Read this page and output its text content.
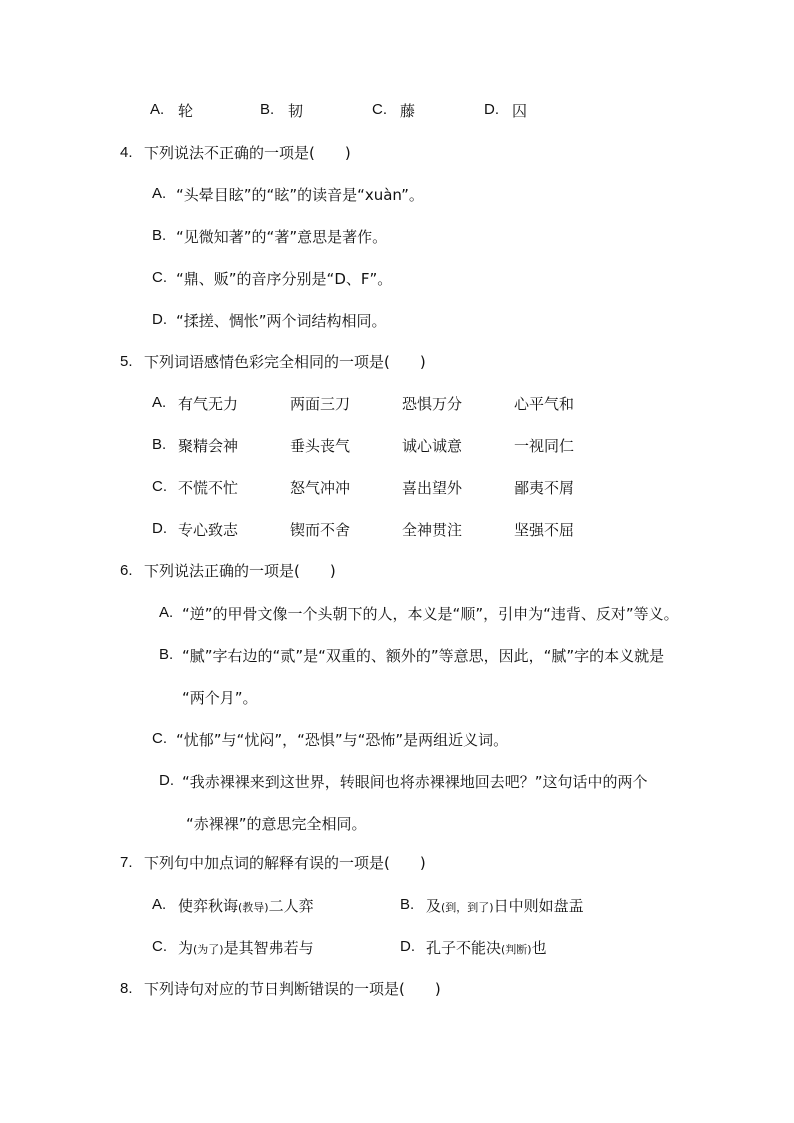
A. 轮	B. 韧	C. 藤	D. 囚
4. 下列说法不正确的一项是(　　)
A. “头晕目眩”的“眩”的读音是“xuàn”。
B. “见微知著”的“著”意思是著作。
C. “鼎、贩”的音序分别是“D、F”。
D. “揉搓、惆怅”两个词结构相同。
5. 下列词语感情色彩完全相同的一项是(　　)
A. 有气无力	两面三刀	恐惧万分	心平气和
B. 聚精会神	垂头丧气	诚心诚意	一视同仁
C. 不慌不忙	怒气冲冲	喜出望外	鄙夷不屑
D. 专心致志	锲而不舍	全神贯注	坚强不屈
6. 下列说法正确的一项是(　　)
A. “逆”的甲骨文像一个头朝下的人，本义是“顺”，引申为“违背、反对”等义。
B. “腻”字右边的“贰”是“双重的、额外的”等意思，因此，“腻”字的本义就是
“两个月”。
C. “忧郁”与“忧闷”，“恐惧”与“恐怖”是两组近义词。
D. “我赤裸裸来到这世界，转眼间也将赤裸裸地回去吧？”这句话中的两个
“赤裸裸”的意思完全相同。
7. 下列句中加点词的解释有误的一项是(　　)
A. 使弈秋诲(教导)二人弈	B. 及(到，到了)日中则如盘盂
C. 为(为了)是其智弗若与	D. 孔子不能决(判断)也
8. 下列诗句对应的节日判断错误的一项是(　　)
